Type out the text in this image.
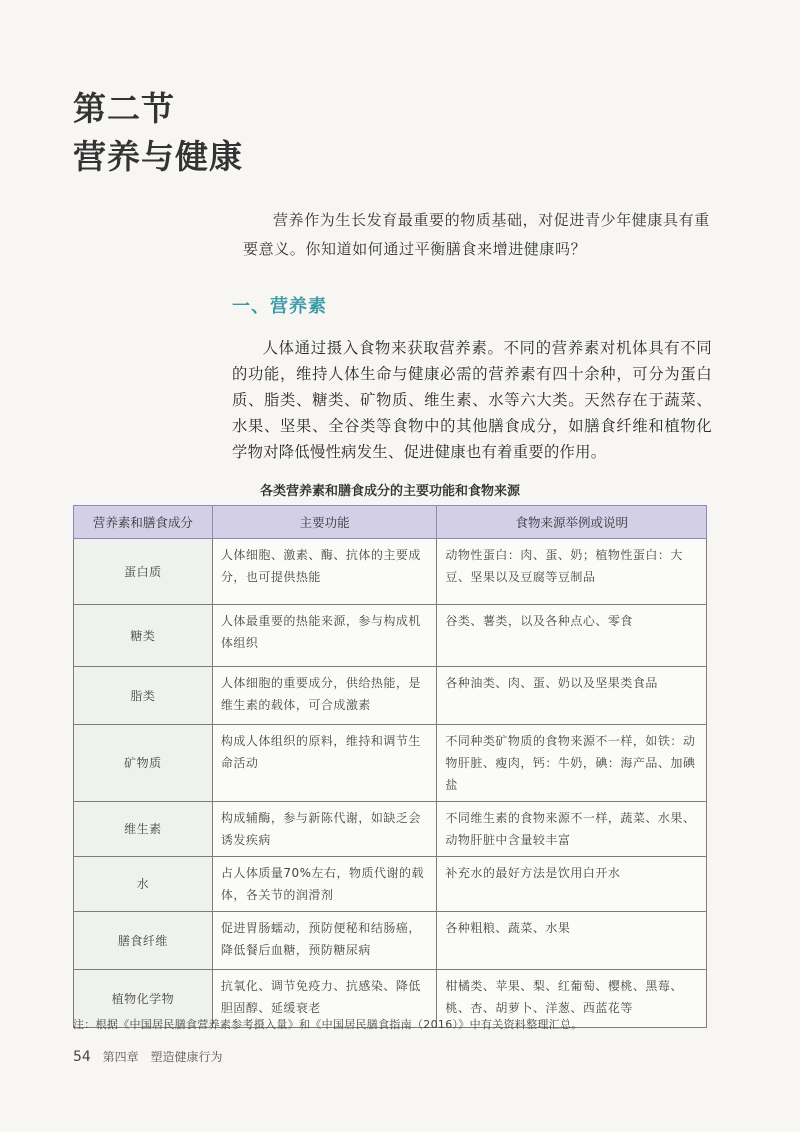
第二节
营养与健康
营养作为生长发育最重要的物质基础，对促进青少年健康具有重要意义。你知道如何通过平衡膳食来增进健康吗？
一、营养素
人体通过摄入食物来获取营养素。不同的营养素对机体具有不同的功能，维持人体生命与健康必需的营养素有四十余种，可分为蛋白质、脂类、糖类、矿物质、维生素、水等六大类。天然存在于蔬菜、水果、坚果、全谷类等食物中的其他膳食成分，如膳食纤维和植物化学物对降低慢性病发生、促进健康也有着重要的作用。
各类营养素和膳食成分的主要功能和食物来源
营养素和膳食成分	主要功能	食物来源举例或说明
蛋白质	人体细胞、激素、酶、抗体的主要成分，也可提供热能	动物性蛋白：肉、蛋、奶；植物性蛋白：大豆、坚果以及豆腐等豆制品
糖类	人体最重要的热能来源，参与构成机体组织	谷类、薯类，以及各种点心、零食
脂类	人体细胞的重要成分，供给热能，是维生素的载体，可合成激素	各种油类、肉、蛋、奶以及坚果类食品
矿物质	构成人体组织的原料，维持和调节生命活动	不同种类矿物质的食物来源不一样，如铁：动物肝脏、瘦肉，钙：牛奶，碘：海产品、加碘盐
维生素	构成辅酶，参与新陈代谢，如缺乏会诱发疾病	不同维生素的食物来源不一样，蔬菜、水果、动物肝脏中含量较丰富
水	占人体质量70%左右，物质代谢的载体，各关节的润滑剂	补充水的最好方法是饮用白开水
膳食纤维	促进胃肠蠕动，预防便秘和结肠癌，降低餐后血糖，预防糖尿病	各种粗粮、蔬菜、水果
植物化学物	抗氧化、调节免疫力、抗感染、降低胆固醇、延缓衰老	柑橘类、苹果、梨、红葡萄、樱桃、黑莓、桃、杏、胡萝卜、洋葱、西蓝花等
注：根据《中国居民膳食营养素参考摄入量》和《中国居民膳食指南（2016）》中有关资料整理汇总。
54 第四章 塑造健康行为
